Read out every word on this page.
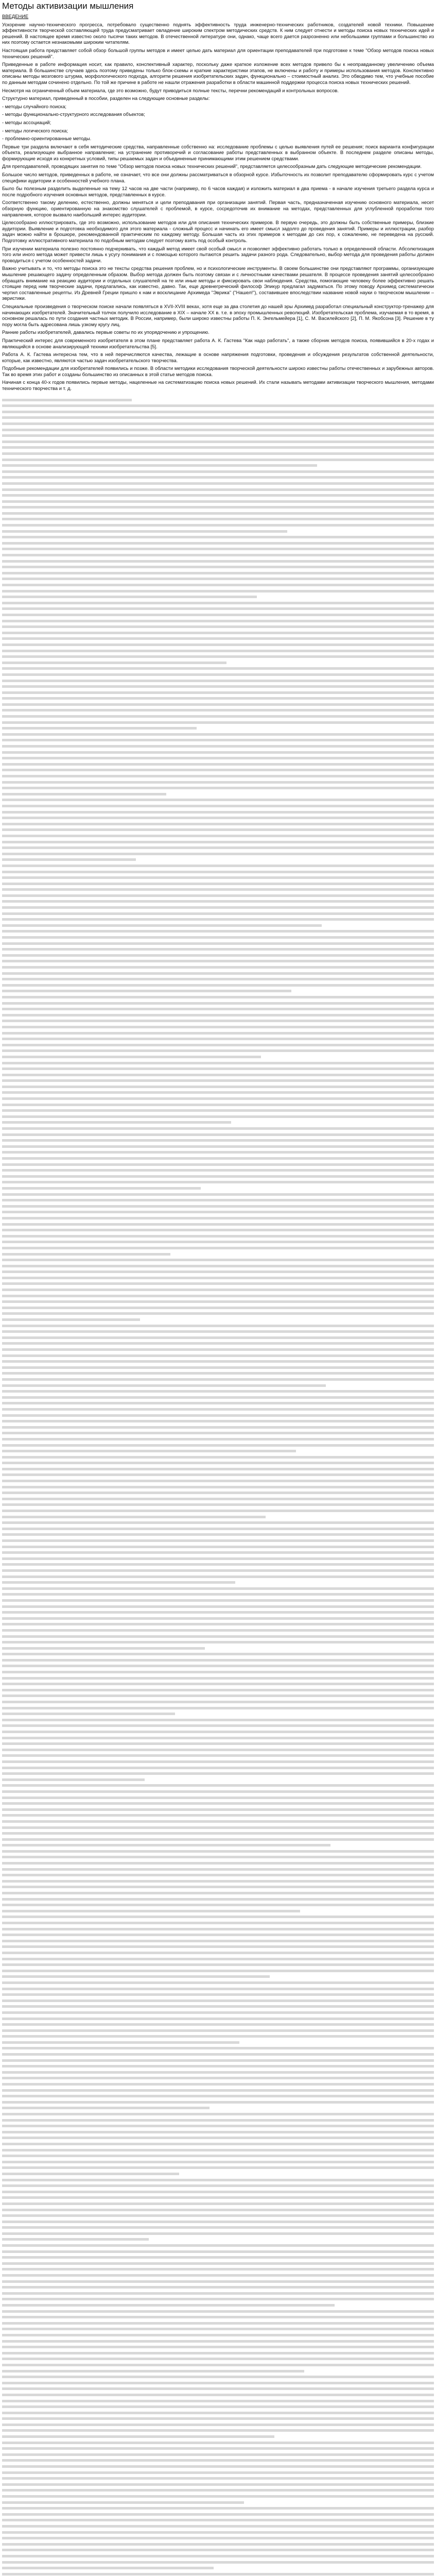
Методы активизации мышления
ВВЕДЕНИЕ
Ускорение научно-технического прогресса, потребовало существенно поднять эффективность труда инженерно-технических работников, создателей новой техники. Повышение эффективности творческой составляющей труда предусматривает овладение широким спектром методических средств. К ним следует отнести и методы поиска новых технических идей и решений. В настоящее время известно около тысячи таких методов. В отечественной литературе они, однако, чаще всего дается разрозненно или небольшими группами и большинство из них поэтому остается незнакомыми широким читателям.
Настоящая работа представляет собой обзор большой группы методов и имеет целью дать материал для ориентации преподавателей при подготовке к теме "Обзор методов поиска новых технических решений".
Приведенные в работе информация носит, как правило, конспективный характер, поскольку даже краткое изложение всех методов привело бы к неоправданному увеличению объема материала. В большинстве случаев здесь поэтому приведены только блок-схемы и краткие характеристики этапов, не включены и работу и примеры использования методов. Конспективно описаны методы мозгового штурма, морфологического подхода, алгоритм решения изобретательских задач, функционально – стоимостный анализ. Это обводимо тем, что учебные пособие по данным методам сочинено отдельно. По той же причине в работе не нашли отражения разработки в области машинной поддержки процесса поиска новых технических решений.
Несмотря на ограниченный объем материала, где это возможно, будут приводиться полные тексты, перечни рекомендаций и контрольных вопросов.
Структурно материал, приведенный в пособии, разделен на следующие основные разделы:
- методы случайного поиска;
- методы функционально-структурного исследования объектов;
- методы ассоциаций;
- методы логического поиска;
- проблемно-ориентированные методы.
Первые три раздела включают в себя методические средства, направленные собственно на: исследование проблемы с целью выявления путей ее решения; поиск варианта конфигурации объекта, реализующее выбранное направление; на устранение противоречий и согласование работы представленных в выбранном объекте. В последнем разделе описаны методы, формирующие исходя из конкретных условий, типы решаемых задач и объединенные принимающими этим решением средствами.
Для преподавателей, проводящих занятия по теме "Обзор методов поиска новых технических решений", представляется целесообразным дать следующие методические рекомендации.
Большое число методов, приведенных в работе, не означает, что все они должны рассматриваться в обзорной курсе. Избыточность их позволит преподавателю сформировать курс с учетом специфики аудитории и особенностей учебного плана.
Было бы полезным разделить выделенные на тему 12 часов на две части (например, по 6 часов каждая) и изложить материал в два приема - в начале изучения третьего раздела курса и после подробного изучения основных методов, представленных в курсе.
Соответственно такому делению, естественно, должны меняться и цели преподавания при организации занятий. Первая часть, предназначенная изучению основного материала, несет обзорную функцию, ориентированную на знакомство слушателей с проблемой, в курсе, сосредоточив их внимание на методах, представленных для углубленной проработки того направления, которое вызвало наибольший интерес аудитории.
Целесообразно иллюстрировать, где это возможно, использование методов или для описания технических примеров. В первую очередь, это должны быть собственные примеры, близкие аудитории. Выявление и подготовка необходимого для этого материала - сложный процесс и начинать его имеет смысл задолго до проведения занятий. Примеры и иллюстрации, разбор задач можно найти в брошюре, рекомендованной практическим по каждому методу. Большая часть из этих примеров к методам до сих пор, к сожалению, не переведена на русский. Подготовку иллюстративного материала по подобным методам следует поэтому взять под особый контроль.
При изучении материала полезно постоянно подчеркивать, что каждый метод имеет свой особый смысл и позволяет эффективно работать только в определенной области. Абсолютизация того или иного метода может привести лишь к усугу понимания и с помощью которого пытаются решить задачи разного рода. Следовательно, выбор метода для проведения работы должен проводиться с учетом особенностей задачи.
Важно учитывать и то, что методы поиска это не тексты средства решения проблем, но и психологические инструменты. В своем большинстве они представляют программы, организующие мышление решающего задачу определенным образом. Выбор метода должен быть поэтому связан и с личностными качествами решателя. В процессе проведения занятий целесообразно обращать внимание на реакцию аудитории и отдельных слушателей на те или иные методы и фиксировать свои наблюдения. Средства, помогающие человеку более эффективно решать стоящие перед ним творческие задачи, предлагались, как известно, давно. Так, еще древнегреческий философ Эпикур предлагал задуматься. По этому поводу Архимед систематически чертил составленные рецепты. Из Древней Греции пришло к нам и восклицание Архимеда "Эврика" ("Нашел!"), составившее впоследствии название новой науки о творческом мышлении – эвристики.
Специальные произведения о творческом поиске начали появляться в XVII-XVIII веках, хотя еще за два столетия до нашей эры Архимед разработал специальный конструктор-тренажер для начинающих изобретателей. Значительный толчок получило исследование в XIX – начале XX в. т.е. в эпоху промышленных революций. Изобретательская проблема, изучаемая в то время, в основном решалась по пути создания частных методик. В России, например, были широко известны работы П. К. Энгельмейера [1], С. М. Василейского [2], П. М. Якобсона [3]. Решение в ту пору могла быть адресована лишь узкому кругу лиц.
Ранние работы изобретателей, давались первые советы по их упорядочению и упрощению.
Практический интерес для современного изобретателя в этом плане представляет работа А. К. Гастева "Как надо работать", а также сборник методов поиска, появившийся в 20-х годах и являющийся в основе анализирующей техники изобретательства [5].
Работа А. К. Гастева интересна тем, что в ней перечисляются качества, лежащие в основе напряжения подготовки, проведения и обсуждения результатов собственной деятельности, которые, как известно, являются частью задач изобретательского творчества.
Подобные рекомендации для изобретателей появились и позже. В области методики исследования творческой деятельности широко известны работы отечественных и зарубежных авторов. Так во время этих работ и созданы большинство из описанных в этой статье методов поиска.
Начиная с конца 40-х годов появились первые методы, нацеленные на систематизацию поиска новых решений. Их стали называть методами активизации творческого мышления, методами технического творчества и т. д.
